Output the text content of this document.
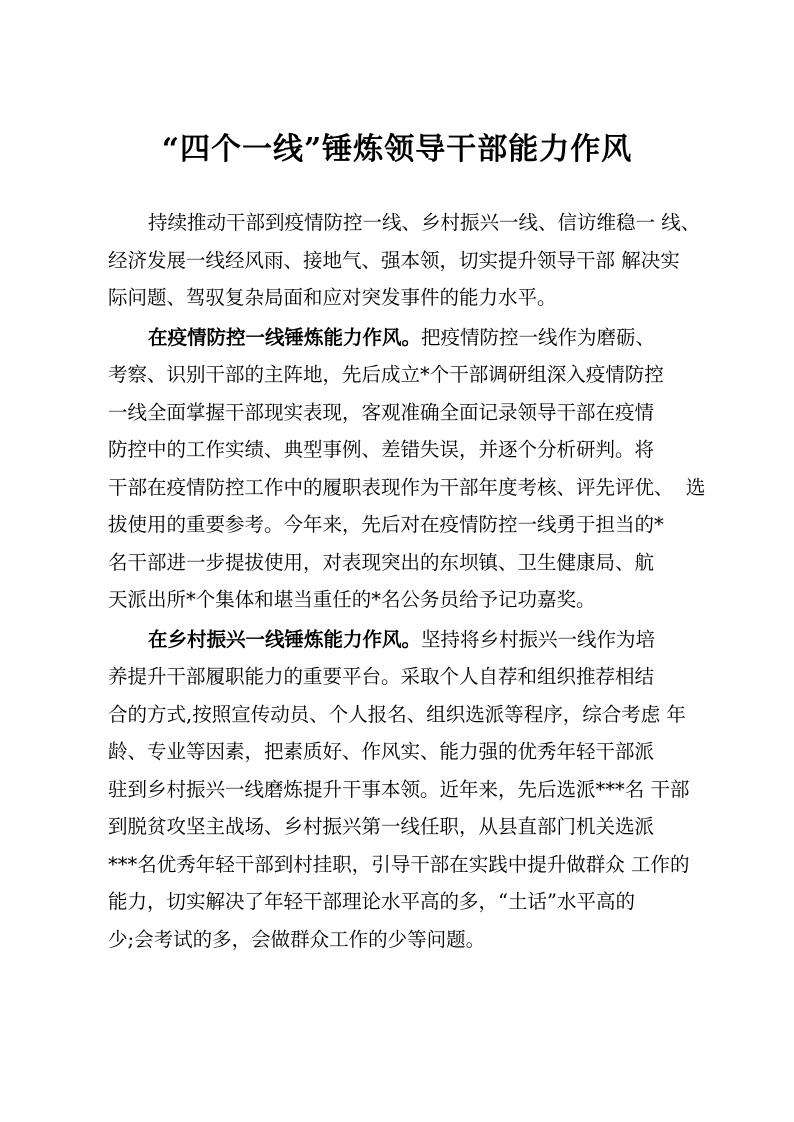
“四个一线”锤炼领导干部能力作风
持续推动干部到疫情防控一线、乡村振兴一线、信访维稳一 线、
经济发展一线经风雨、接地气、强本领，切实提升领导干部 解决实
际问题、驾驭复杂局面和应对突发事件的能力水平。
在疫情防控一线锤炼能力作风。把疫情防控一线作为磨砺、
考察、识别干部的主阵地，先后成立*个干部调研组深入疫情防控
一线全面掌握干部现实表现，客观准确全面记录领导干部在疫情
防控中的工作实绩、典型事例、差错失误，并逐个分析研判。将
干部在疫情防控工作中的履职表现作为干部年度考核、评先评优、  选
拔使用的重要参考。今年来，先后对在疫情防控一线勇于担当的*
名干部进一步提拔使用，对表现突出的东坝镇、卫生健康局、航
天派出所*个集体和堪当重任的*名公务员给予记功嘉奖。
在乡村振兴一线锤炼能力作风。坚持将乡村振兴一线作为培
养提升干部履职能力的重要平台。采取个人自荐和组织推荐相结
合的方式,按照宣传动员、个人报名、组织选派等程序，综合考虑 年
龄、专业等因素，把素质好、作风实、能力强的优秀年轻干部派
驻到乡村振兴一线磨炼提升干事本领。近年来，先后选派***名 干部
到脱贫攻坚主战场、乡村振兴第一线任职，从县直部门机关选派
***名优秀年轻干部到村挂职，引导干部在实践中提升做群众 工作的
能力，切实解决了年轻干部理论水平高的多，“土话”水平高的
少;会考试的多，会做群众工作的少等问题。
